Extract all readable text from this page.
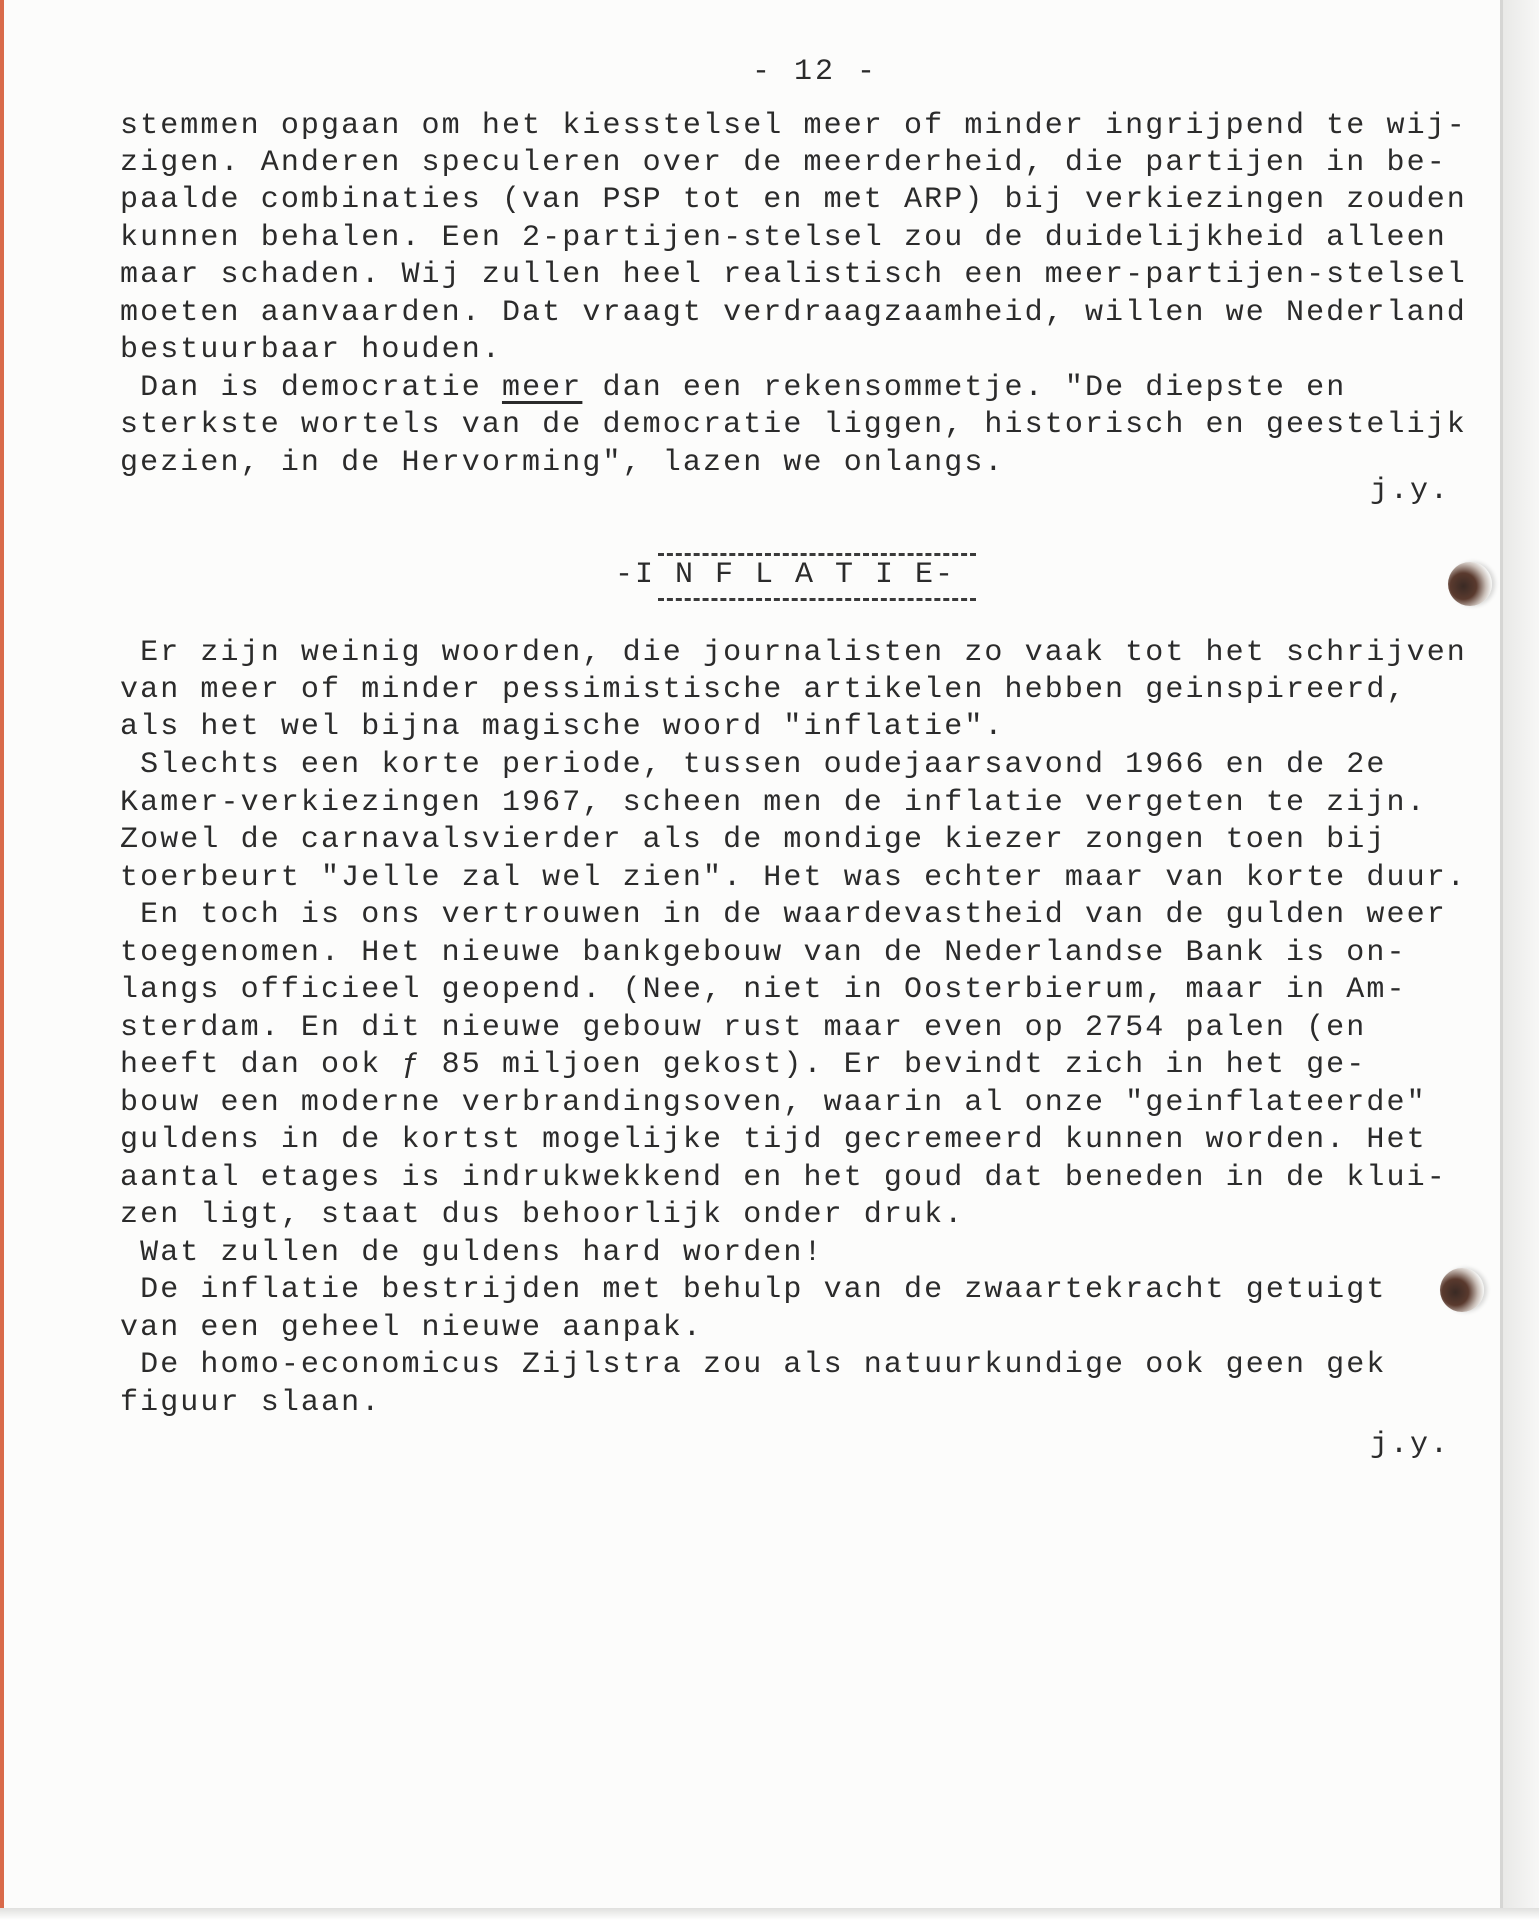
- 12 -
stemmen opgaan om het kiesstelsel meer of minder ingrijpend te wij-
zigen. Anderen speculeren over de meerderheid, die partijen in be-
paalde combinaties (van PSP tot en met ARP) bij verkiezingen zouden
kunnen behalen. Een 2-partijen-stelsel zou de duidelijkheid alleen
maar schaden. Wij zullen heel realistisch een meer-partijen-stelsel
moeten aanvaarden. Dat vraagt verdraagzaamheid, willen we Nederland
bestuurbaar houden.
Dan is democratie meer dan een rekensommetje. "De diepste en
sterkste wortels van de democratie liggen, historisch en geestelijk
gezien, in de Hervorming", lazen we onlangs.
j.y.
-I N F L A T I E-
Er zijn weinig woorden, die journalisten zo vaak tot het schrijven
van meer of minder pessimistische artikelen hebben geinspireerd,
als het wel bijna magische woord "inflatie".
Slechts een korte periode, tussen oudejaarsavond 1966 en de 2e
Kamer-verkiezingen 1967, scheen men de inflatie vergeten te zijn.
Zowel de carnavalsvierder als de mondige kiezer zongen toen bij
toerbeurt "Jelle zal wel zien". Het was echter maar van korte duur.
En toch is ons vertrouwen in de waardevastheid van de gulden weer
toegenomen. Het nieuwe bankgebouw van de Nederlandse Bank is on-
langs officieel geopend. (Nee, niet in Oosterbierum, maar in Am-
sterdam. En dit nieuwe gebouw rust maar even op 2754 palen (en
heeft dan ook ƒ 85 miljoen gekost). Er bevindt zich in het ge-
bouw een moderne verbrandingsoven, waarin al onze "geinflateerde"
guldens in de kortst mogelijke tijd gecremeerd kunnen worden. Het
aantal etages is indrukwekkend en het goud dat beneden in de klui-
zen ligt, staat dus behoorlijk onder druk.
Wat zullen de guldens hard worden!
De inflatie bestrijden met behulp van de zwaartekracht getuigt
van een geheel nieuwe aanpak.
De homo-economicus Zijlstra zou als natuurkundige ook geen gek
figuur slaan.
j.y.
